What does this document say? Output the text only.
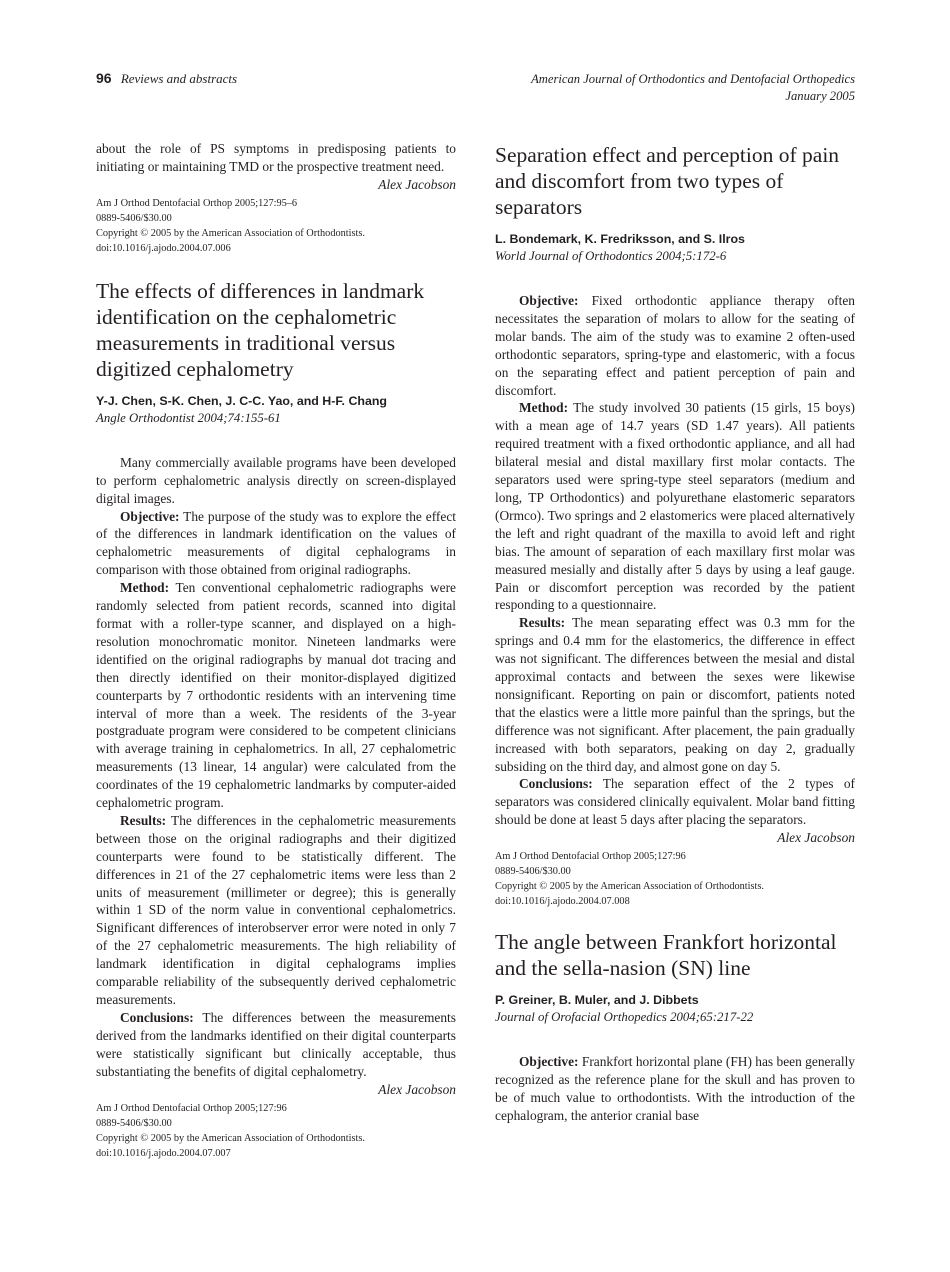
96 Reviews and abstracts	American Journal of Orthodontics and Dentofacial Orthopedics
January 2005

about the role of PS symptoms in predisposing patients to initiating or maintaining TMD or the prospective treatment need.

Alex Jacobson
Am J Orthod Dentofacial Orthop 2005;127:95–6
0889-5406/$30.00
Copyright © 2005 by the American Association of Orthodontists.
doi:10.1016/j.ajodo.2004.07.006
The effects of differences in landmark identification on the cephalometric measurements in traditional versus digitized cephalometry
Y-J. Chen, S-K. Chen, J. C-C. Yao, and H-F. Chang
Angle Orthodontist 2004;74:155-61

Many commercially available programs have been developed to perform cephalometric analysis directly on screen-displayed digital images.

Objective: The purpose of the study was to explore the effect of the differences in landmark identification on the values of cephalometric measurements of digital cephalograms in comparison with those obtained from original radiographs.

Method: Ten conventional cephalometric radiographs were randomly selected from patient records, scanned into digital format with a roller-type scanner, and displayed on a high-resolution monochromatic monitor. Nineteen landmarks were identified on the original radiographs by manual dot tracing and then directly identified on their monitor-displayed digitized counterparts by 7 orthodontic residents with an intervening time interval of more than a week. The residents of the 3-year postgraduate program were considered to be competent clinicians with average training in cephalometrics. In all, 27 cephalometric measurements (13 linear, 14 angular) were calculated from the coordinates of the 19 cephalometric landmarks by computer-aided cephalometric program.

Results: The differences in the cephalometric measurements between those on the original radiographs and their digitized counterparts were found to be statistically different. The differences in 21 of the 27 cephalometric items were less than 2 units of measurement (millimeter or degree); this is generally within 1 SD of the norm value in conventional cephalometrics. Significant differences of interobserver error were noted in only 7 of the 27 cephalometric measurements. The high reliability of landmark identification in digital cephalograms implies comparable reliability of the subsequently derived cephalometric measurements.

Conclusions: The differences between the measurements derived from the landmarks identified on their digital counterparts were statistically significant but clinically acceptable, thus substantiating the benefits of digital cephalometry.

Alex Jacobson
Am J Orthod Dentofacial Orthop 2005;127:96
0889-5406/$30.00
Copyright © 2005 by the American Association of Orthodontists.
doi:10.1016/j.ajodo.2004.07.007
Separation effect and perception of pain and discomfort from two types of separators
L. Bondemark, K. Fredriksson, and S. Ilros
World Journal of Orthodontics 2004;5:172-6

Objective: Fixed orthodontic appliance therapy often necessitates the separation of molars to allow for the seating of molar bands. The aim of the study was to examine 2 often-used orthodontic separators, spring-type and elastomeric, with a focus on the separating effect and patient perception of pain and discomfort.

Method: The study involved 30 patients (15 girls, 15 boys) with a mean age of 14.7 years (SD 1.47 years). All patients required treatment with a fixed orthodontic appliance, and all had bilateral mesial and distal maxillary first molar contacts. The separators used were spring-type steel separators (medium and long, TP Orthodontics) and polyurethane elastomeric separators (Ormco). Two springs and 2 elastomerics were placed alternatively the left and right quadrant of the maxilla to avoid left and right bias. The amount of separation of each maxillary first molar was measured mesially and distally after 5 days by using a leaf gauge. Pain or discomfort perception was recorded by the patient responding to a questionnaire.

Results: The mean separating effect was 0.3 mm for the springs and 0.4 mm for the elastomerics, the difference in effect was not significant. The differences between the mesial and distal approximal contacts and between the sexes were likewise nonsignificant. Reporting on pain or discomfort, patients noted that the elastics were a little more painful than the springs, but the difference was not significant. After placement, the pain gradually increased with both separators, peaking on day 2, gradually subsiding on the third day, and almost gone on day 5.

Conclusions: The separation effect of the 2 types of separators was considered clinically equivalent. Molar band fitting should be done at least 5 days after placing the separators.

Alex Jacobson
Am J Orthod Dentofacial Orthop 2005;127:96
0889-5406/$30.00
Copyright © 2005 by the American Association of Orthodontists.
doi:10.1016/j.ajodo.2004.07.008
The angle between Frankfort horizontal and the sella-nasion (SN) line
P. Greiner, B. Muler, and J. Dibbets
Journal of Orofacial Orthopedics 2004;65:217-22

Objective: Frankfort horizontal plane (FH) has been generally recognized as the reference plane for the skull and has proven to be of much value to orthodontists. With the introduction of the cephalogram, the anterior cranial base
